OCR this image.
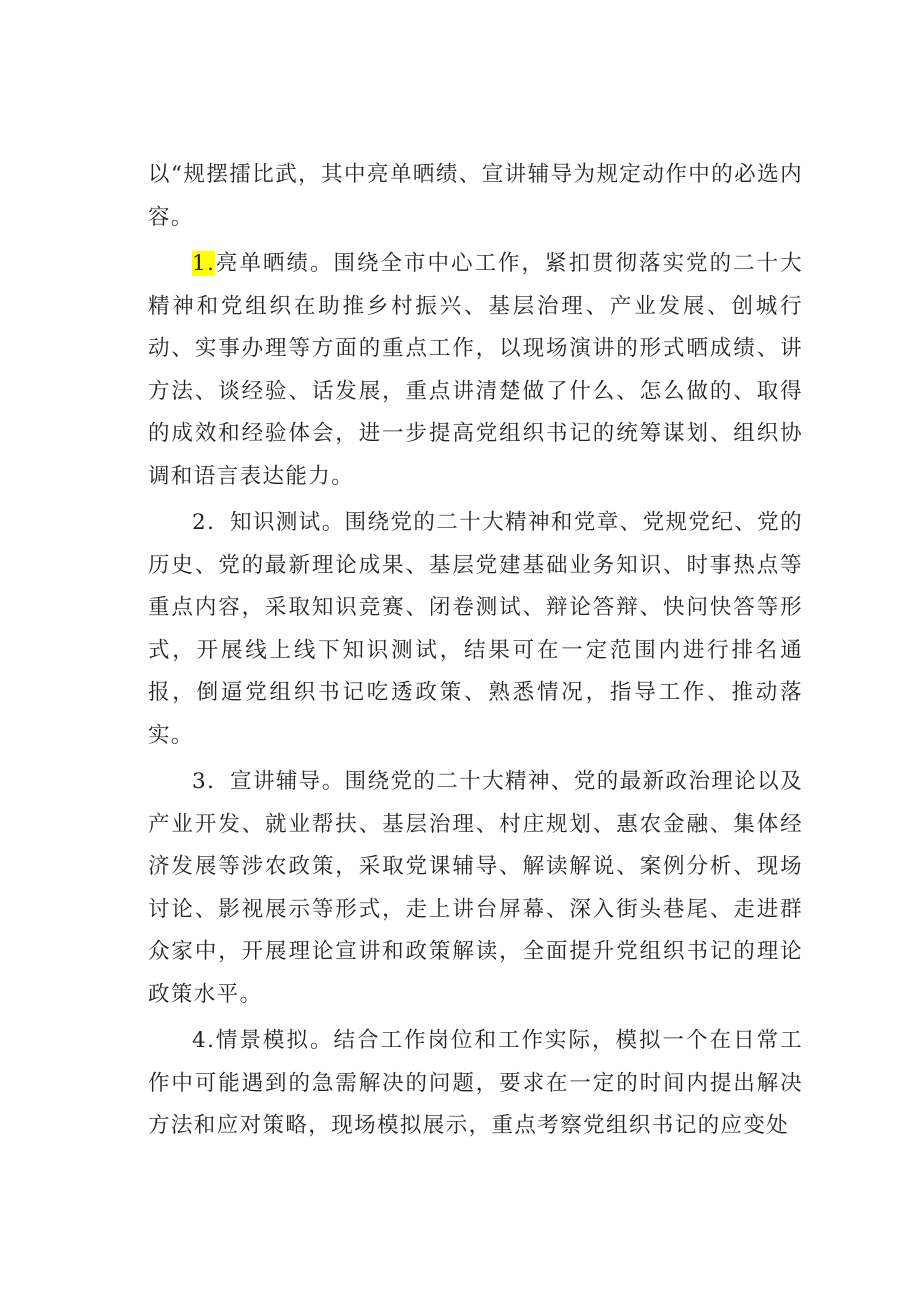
以“规摆擂比武，其中亮单晒绩、宣讲辅导为规定动作中的必选内容。

1.亮单晒绩。围绕全市中心工作，紧扣贯彻落实党的二十大精神和党组织在助推乡村振兴、基层治理、产业发展、创城行动、实事办理等方面的重点工作，以现场演讲的形式晒成绩、讲方法、谈经验、话发展，重点讲清楚做了什么、怎么做的、取得的成效和经验体会，进一步提高党组织书记的统筹谋划、组织协调和语言表达能力。

2．知识测试。围绕党的二十大精神和党章、党规党纪、党的历史、党的最新理论成果、基层党建基础业务知识、时事热点等重点内容，采取知识竞赛、闭卷测试、辩论答辩、快问快答等形式，开展线上线下知识测试，结果可在一定范围内进行排名通报，倒逼党组织书记吃透政策、熟悉情况，指导工作、推动落实。

3．宣讲辅导。围绕党的二十大精神、党的最新政治理论以及产业开发、就业帮扶、基层治理、村庄规划、惠农金融、集体经济发展等涉农政策，采取党课辅导、解读解说、案例分析、现场讨论、影视展示等形式，走上讲台屏幕、深入街头巷尾、走进群众家中，开展理论宣讲和政策解读，全面提升党组织书记的理论政策水平。

4.情景模拟。结合工作岗位和工作实际，模拟一个在日常工作中可能遇到的急需解决的问题，要求在一定的时间内提出解决方法和应对策略，现场模拟展示，重点考察党组织书记的应变处
